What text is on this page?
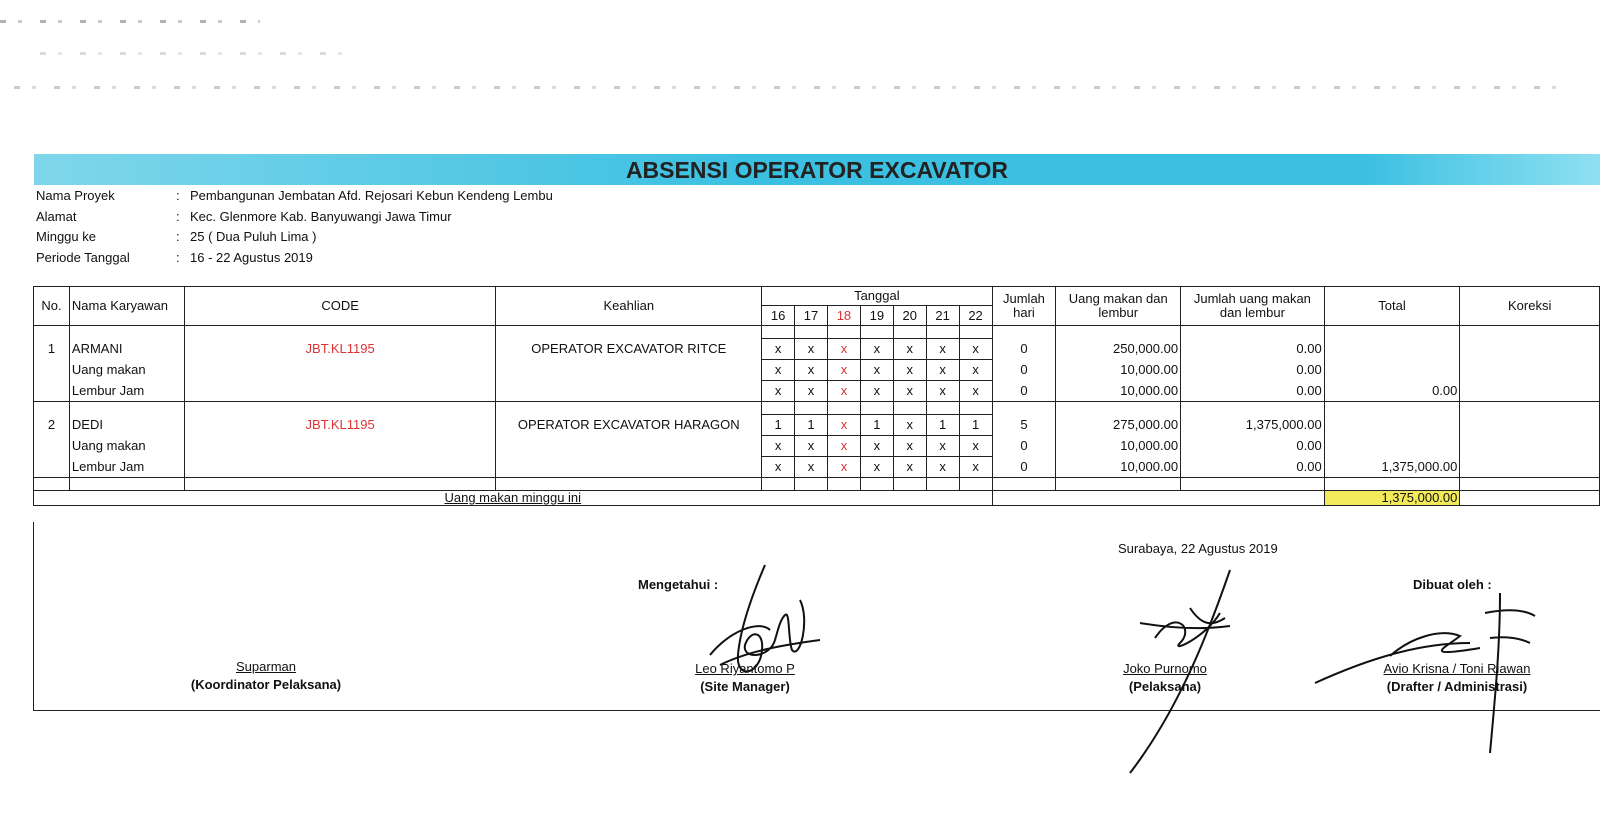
ABSENSI OPERATOR EXCAVATOR
Nama Proyek	: Pembangunan Jembatan Afd. Rejosari Kebun Kendeng Lembu
Alamat	: Kec. Glenmore Kab. Banyuwangi Jawa Timur
Minggu ke	: 25 ( Dua Puluh Lima )
Periode Tanggal	: 16 - 22 Agustus 2019
No.	Nama Karyawan	CODE	Keahlian	Tanggal							Jumlah hari	Uang makan dan lembur	Jumlah uang makan dan lembur	Total	Koreksi
				16	17	18	19	20	21	22					

1	ARMANI	JBT.KL1195	OPERATOR EXCAVATOR RITCE	x	x	x	x	x	x	x	0	250,000.00	0.00		
	Uang makan			x	x	x	x	x	x	x	0	10,000.00	0.00		
	Lembur Jam			x	x	x	x	x	x	x	0	10,000.00	0.00	0.00	

2	DEDI	JBT.KL1195	OPERATOR EXCAVATOR HARAGON	1	1	x	1	x	1	1	5	275,000.00	1,375,000.00		
	Uang makan			x	x	x	x	x	x	x	0	10,000.00	0.00		
	Lembur Jam			x	x	x	x	x	x	x	0	10,000.00	0.00	1,375,000.00	

Uang makan minggu ini														1,375,000.00	
Surabaya, 22 Agustus 2019
Mengetahui :	Dibuat oleh :
Suparman
(Koordinator Pelaksana)
Leo Riyantomo P
(Site Manager)
Joko Purnomo
(Pelaksana)
Avio Krisna / Toni Riawan
(Drafter / Administrasi)
